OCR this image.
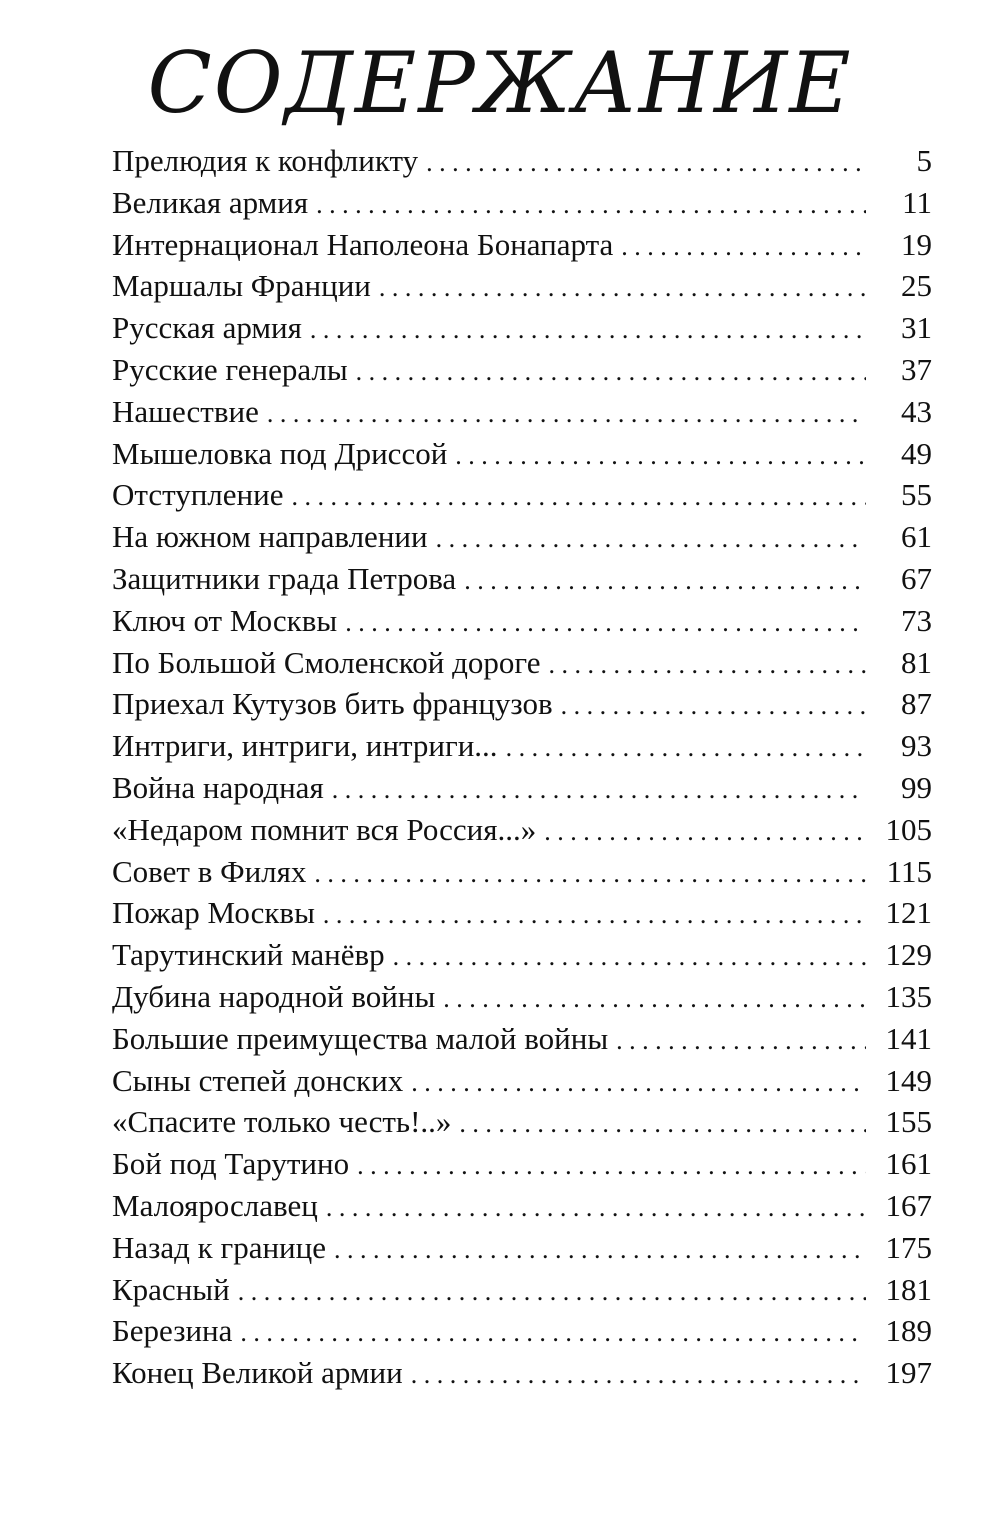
СОДЕРЖАНИЕ
Прелюдия к конфликту . . .	5
Великая армия . . .	11
Интернационал Наполеона Бонапарта . . .	19
Маршалы Франции . . .	25
Русская армия . . .	31
Русские генералы . . .	37
Нашествие . . .	43
Мышеловка под Дриссой . . .	49
Отступление . . .	55
На южном направлении . . .	61
Защитники града Петрова . . .	67
Ключ от Москвы . . .	73
По Большой Смоленской дороге . . .	81
Приехал Кутузов бить французов . . .	87
Интриги, интриги, интриги... . . .	93
Война народная . . .	99
«Недаром помнит вся Россия...» . . .	105
Совет в Филях . . .	115
Пожар Москвы . . .	121
Тарутинский манёвр . . .	129
Дубина народной войны . . .	135
Большие преимущества малой войны . . .	141
Сыны степей донских . . .	149
«Спасите только честь!..» . . .	155
Бой под Тарутино . . .	161
Малоярославец . . .	167
Назад к границе . . .	175
Красный . . .	181
Березина . . .	189
Конец Великой армии . . .	197
